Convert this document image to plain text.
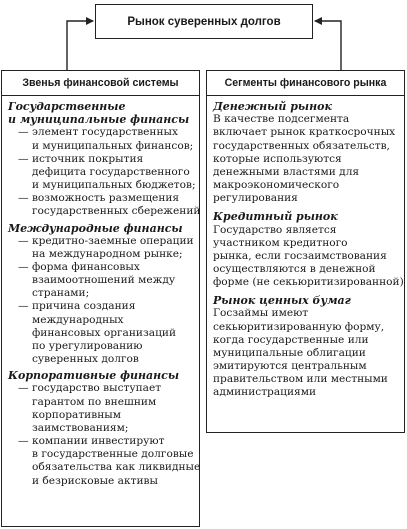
Рынок суверенных долгов
Звенья финансовой системы
Государственные
и муниципальные финансы
— элемент государственных
и муниципальных финансов;
— источник покрытия
дефицита государственного
и муниципальных бюджетов;
— возможность размещения
государственных сбережений
Международные финансы
— кредитно-заемные операции
на международном рынке;
— форма финансовых
взаимоотношений между
странами;
— причина создания
международных
финансовых организаций
по урегулированию
суверенных долгов
Корпоративные финансы
— государство выступает
гарантом по внешним
корпоративным
заимствованиям;
— компании инвестируют
в государственные долговые
обязательства как ликвидные
и безрисковые активы
Сегменты финансового рынка
Денежный рынок
В качестве подсегмента
включает рынок краткосрочных
государственных обязательств,
которые используются
денежными властями для
макроэкономического
регулирования
Кредитный рынок
Государство является
участником кредитного
рынка, если госзаимствования
осуществляются в денежной
форме (не секьюритизированной)
Рынок ценных бумаг
Госзаймы имеют
секьюритизированную форму,
когда государственные или
муниципальные облигации
эмитируются центральным
правительством или местными
администрациями
